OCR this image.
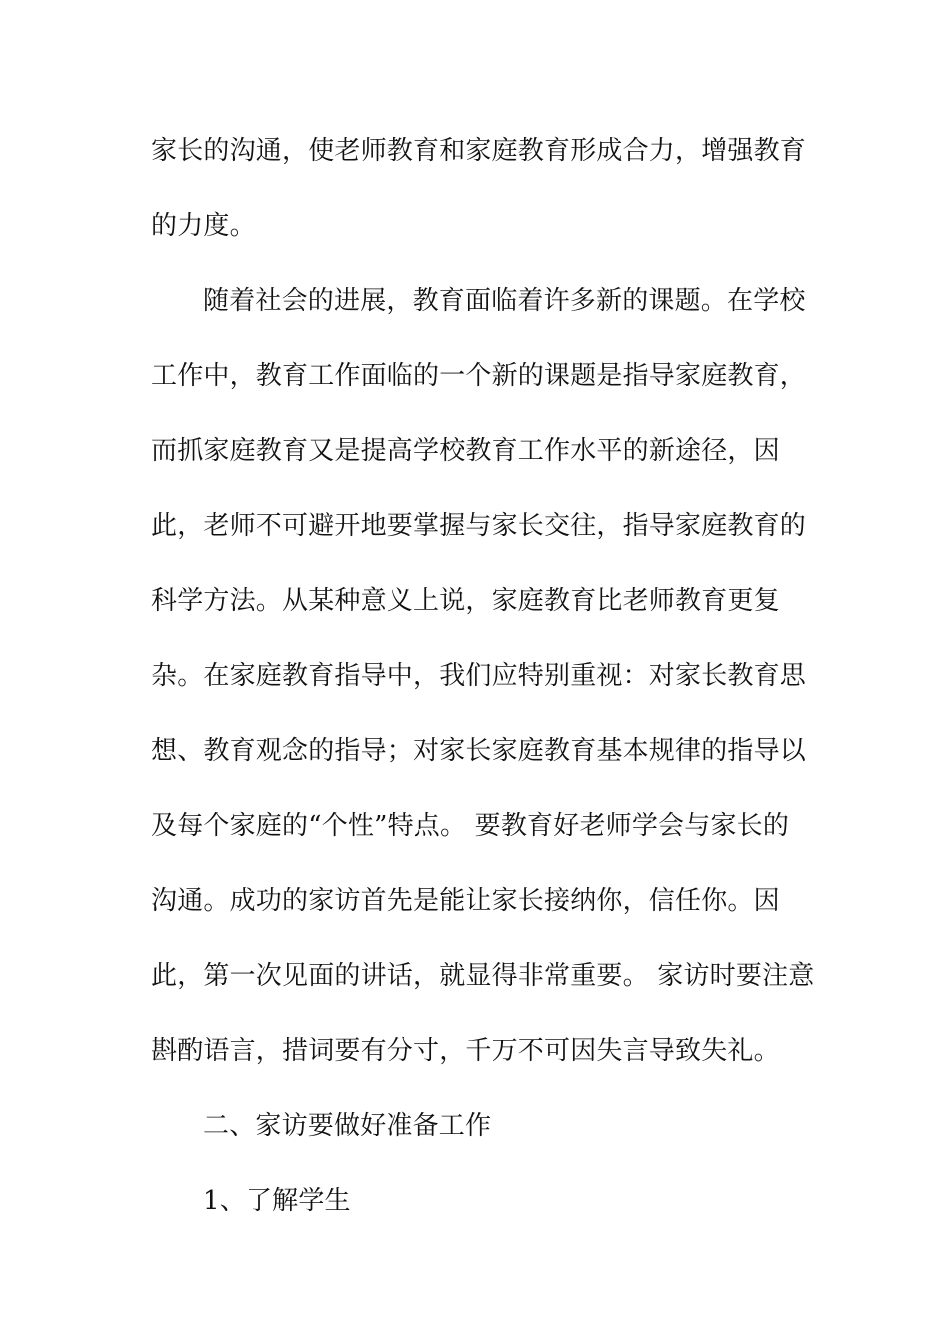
家长的沟通，使老师教育和家庭教育形成合力，增强教育
的力度。
随着社会的进展，教育面临着许多新的课题。在学校
工作中，教育工作面临的一个新的课题是指导家庭教育，
而抓家庭教育又是提高学校教育工作水平的新途径，因
此，老师不可避开地要掌握与家长交往，指导家庭教育的
科学方法。从某种意义上说，家庭教育比老师教育更复
杂。在家庭教育指导中，我们应特别重视：对家长教育思
想、教育观念的指导；对家长家庭教育基本规律的指导以
及每个家庭的“个性”特点。 要教育好老师学会与家长的
沟通。成功的家访首先是能让家长接纳你，信任你。因
此，第一次见面的讲话，就显得非常重要。 家访时要注意
斟酌语言，措词要有分寸，千万不可因失言导致失礼。
二、家访要做好准备工作
1、了解学生
